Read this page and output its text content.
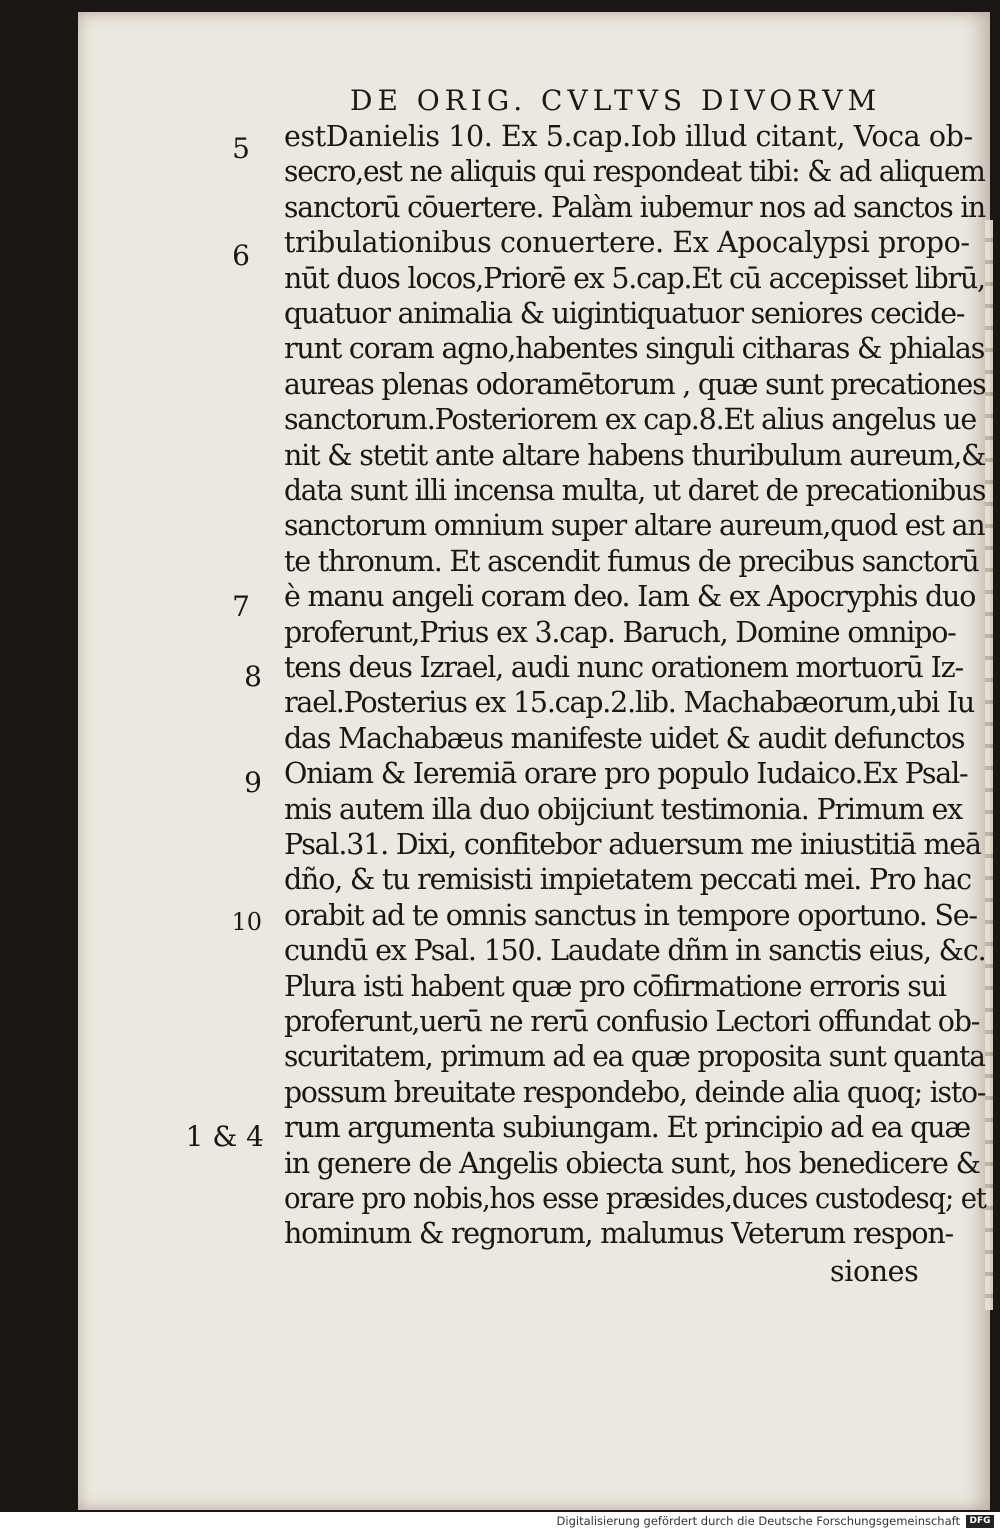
DE ORIG. CVLTVS DIVORVM
estDanielis 10. Ex 5.cap.Iob illud citant, Voca ob-
secro,est ne aliquis qui respondeat tibi: & ad aliquem
sanctorū cōuertere. Palàm iubemur nos ad sanctos in
tribulationibus conuertere. Ex Apocalypsi propo-
nūt duos locos,Priorē ex 5.cap.Et cū accepisset librū,
quatuor animalia & uigintiquatuor seniores cecide-
runt coram agno,habentes singuli citharas & phialas
aureas plenas odoramētorum , quæ sunt precationes
sanctorum.Posteriorem ex cap.8.Et alius angelus ue
nit & stetit ante altare habens thuribulum aureum,&
data sunt illi incensa multa, ut daret de precationibus
sanctorum omnium super altare aureum,quod est an
te thronum. Et ascendit fumus de precibus sanctorū
è manu angeli coram deo. Iam & ex Apocryphis duo
proferunt,Prius ex 3.cap. Baruch, Domine omnipo-
tens deus Izrael, audi nunc orationem mortuorū Iz-
rael.Posterius ex 15.cap.2.lib. Machabæorum,ubi Iu
das Machabæus manifeste uidet & audit defunctos
Oniam & Ieremiā orare pro populo Iudaico.Ex Psal-
mis autem illa duo obijciunt testimonia. Primum ex
Psal.31. Dixi, confitebor aduersum me iniustitiā meā
dño, & tu remisisti impietatem peccati mei. Pro hac
orabit ad te omnis sanctus in tempore oportuno. Se-
cundū ex Psal. 150. Laudate dñm in sanctis eius, &c.
Plura isti habent quæ pro cōfirmatione erroris sui
proferunt,uerū ne rerū confusio Lectori offundat ob-
scuritatem, primum ad ea quæ proposita sunt quanta
possum breuitate respondebo, deinde alia quoq; isto-
rum argumenta subiungam. Et principio ad ea quæ
in genere de Angelis obiecta sunt, hos benedicere &
orare pro nobis,hos esse præsides,duces custodesq; et
hominum & regnorum, malumus Veterum respon-
5
6
7
8
9
10
1 & 4
siones
Digitalisierung gefördert durch die Deutsche Forschungsgemeinschaft	DFG
